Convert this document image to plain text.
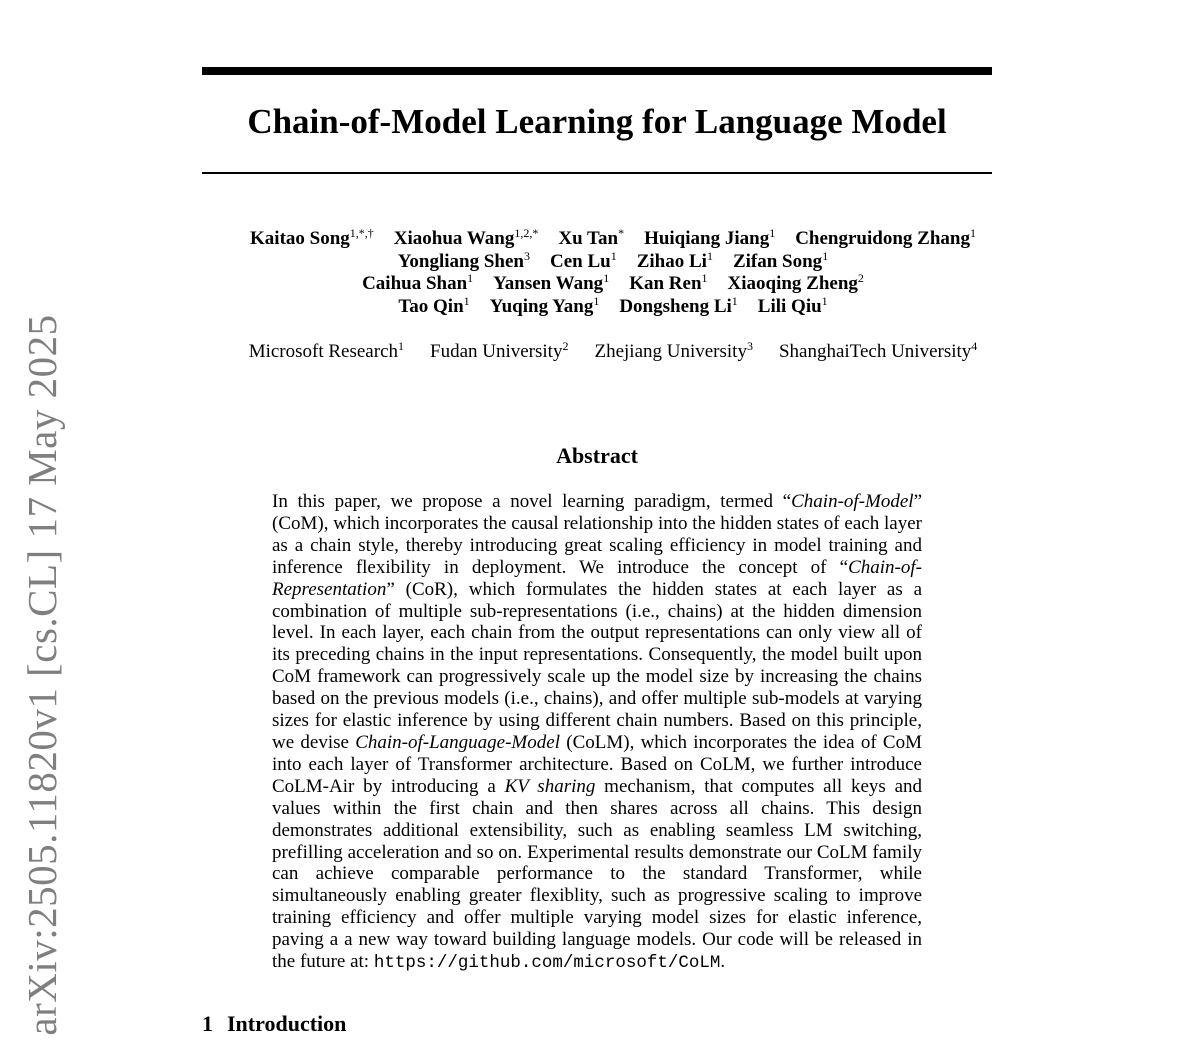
arXiv:2505.11820v1 [cs.CL] 17 May 2025
Chain-of-Model Learning for Language Model
Kaitao Song$^{1,*,\dagger}$ Xiaohua Wang$^{1,2,*}$ Xu Tan* Huiqiang Jiang$^1$ Chengruidong Zhang$^1$
Yongliang Shen$^3$ Cen Lu$^1$ Zihao Li$^1$ Zifan Song$^1$
Caihua Shan$^1$ Yansen Wang$^1$ Kan Ren$^1$ Xiaoqing Zheng$^2$
Tao Qin$^1$ Yuqing Yang$^1$ Dongsheng Li$^1$ Lili Qiu$^1$
Microsoft Research$^1$ Fudan University$^2$ Zhejiang University$^3$ ShanghaiTech University$^4$
Abstract
In this paper, we propose a novel learning paradigm, termed “Chain-of-Model” (CoM), which incorporates the causal relationship into the hidden states of each layer as a chain style, thereby introducing great scaling efficiency in model training and inference flexibility in deployment. We introduce the concept of “Chain-of-Representation” (CoR), which formulates the hidden states at each layer as a combination of multiple sub-representations (i.e., chains) at the hidden dimension level. In each layer, each chain from the output representations can only view all of its preceding chains in the input representations. Consequently, the model built upon CoM framework can progressively scale up the model size by increasing the chains based on the previous models (i.e., chains), and offer multiple sub-models at varying sizes for elastic inference by using different chain numbers. Based on this principle, we devise Chain-of-Language-Model (CoLM), which incorporates the idea of CoM into each layer of Transformer architecture. Based on CoLM, we further introduce CoLM-Air by introducing a KV sharing mechanism, that computes all keys and values within the first chain and then shares across all chains. This design demonstrates additional extensibility, such as enabling seamless LM switching, prefilling acceleration and so on. Experimental results demonstrate our CoLM family can achieve comparable performance to the standard Transformer, while simultaneously enabling greater flexiblity, such as progressive scaling to improve training efficiency and offer multiple varying model sizes for elastic inference, paving a a new way toward building language models. Our code will be released in the future at: https://github.com/microsoft/CoLM.
1 Introduction
